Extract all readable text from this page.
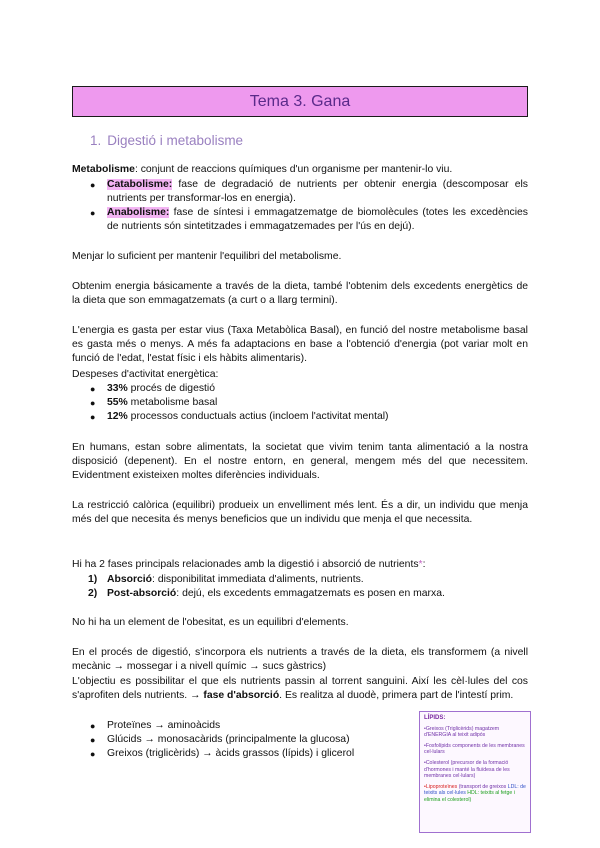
Tema 3. Gana
1. Digestió i metabolisme
Metabolisme: conjunt de reaccions químiques d'un organisme per mantenir-lo viu.
● Catabolisme: fase de degradació de nutrients per obtenir energia (descomposar els nutrients per transformar-los en energia).
● Anabolisme: fase de síntesi i emmagatzematge de biomolècules (totes les excedències de nutrients són sintetitzades i emmagatzemades per l'ús en dejú).
Menjar lo suficient per mantenir l'equilibri del metabolisme.
Obtenim energia básicamente a través de la dieta, també l'obtenim dels excedents energètics de la dieta que son emmagatzemats (a curt o a llarg termini).
L'energia es gasta per estar vius (Taxa Metabòlica Basal), en funció del nostre metabolisme basal es gasta més o menys. A més fa adaptacions en base a l'obtenció d'energia (pot variar molt en funció de l'edat, l'estat físic i els hàbits alimentaris).
Despeses d'activitat energètica:
● 33% procés de digestió
● 55% metabolisme basal
● 12% processos conductuals actius (incloem l'activitat mental)
En humans, estan sobre alimentats, la societat que vivim tenim tanta alimentació a la nostra disposició (depenent). En el nostre entorn, en general, mengem més del que necessitem. Evidentment existeixen moltes diferències individuals.
La restricció calòrica (equilibri) produeix un envelliment més lent. És a dir, un individu que menja més del que necesita és menys beneficios que un individu que menja el que necessita.
Hi ha 2 fases principals relacionades amb la digestió i absorció de nutrients*:
1) Absorció: disponibilitat immediata d'aliments, nutrients.
2) Post-absorció: dejú, els excedents emmagatzemats es posen en marxa.
No hi ha un element de l'obesitat, es un equilibri d'elements.
En el procés de digestió, s'incorpora els nutrients a través de la dieta, els transformem (a nivell mecànic → mossegar i a nivell químic → sucs gàstrics)
L'objectiu es possibilitar el que els nutrients passin al torrent sanguini. Així les cèl·lules del cos s'aprofiten dels nutrients. → fase d'absorció. Es realitza al duodè, primera part de l'intestí prim.
● Proteïnes → aminoàcids
● Glúcids → monosacàrids (principalmente la glucosa)
● Greixos (triglicèrids) → àcids grassos (lípids) i glicerol
LÍPIDS:
•Greixos (Triglicèrids) magatzem d'ENERGIA al teixit adipós
•Fosfolípids components de les membranes cel·lulars
•Colesterol (precursor de la formació d'hormones i manté la fluïdesa de les membranes cel·lulars)
•Lipoproteïnes (transport de greixos LDL: de teixits als cel·lules HDL: teixits al fetge i elimina el colesterol)
